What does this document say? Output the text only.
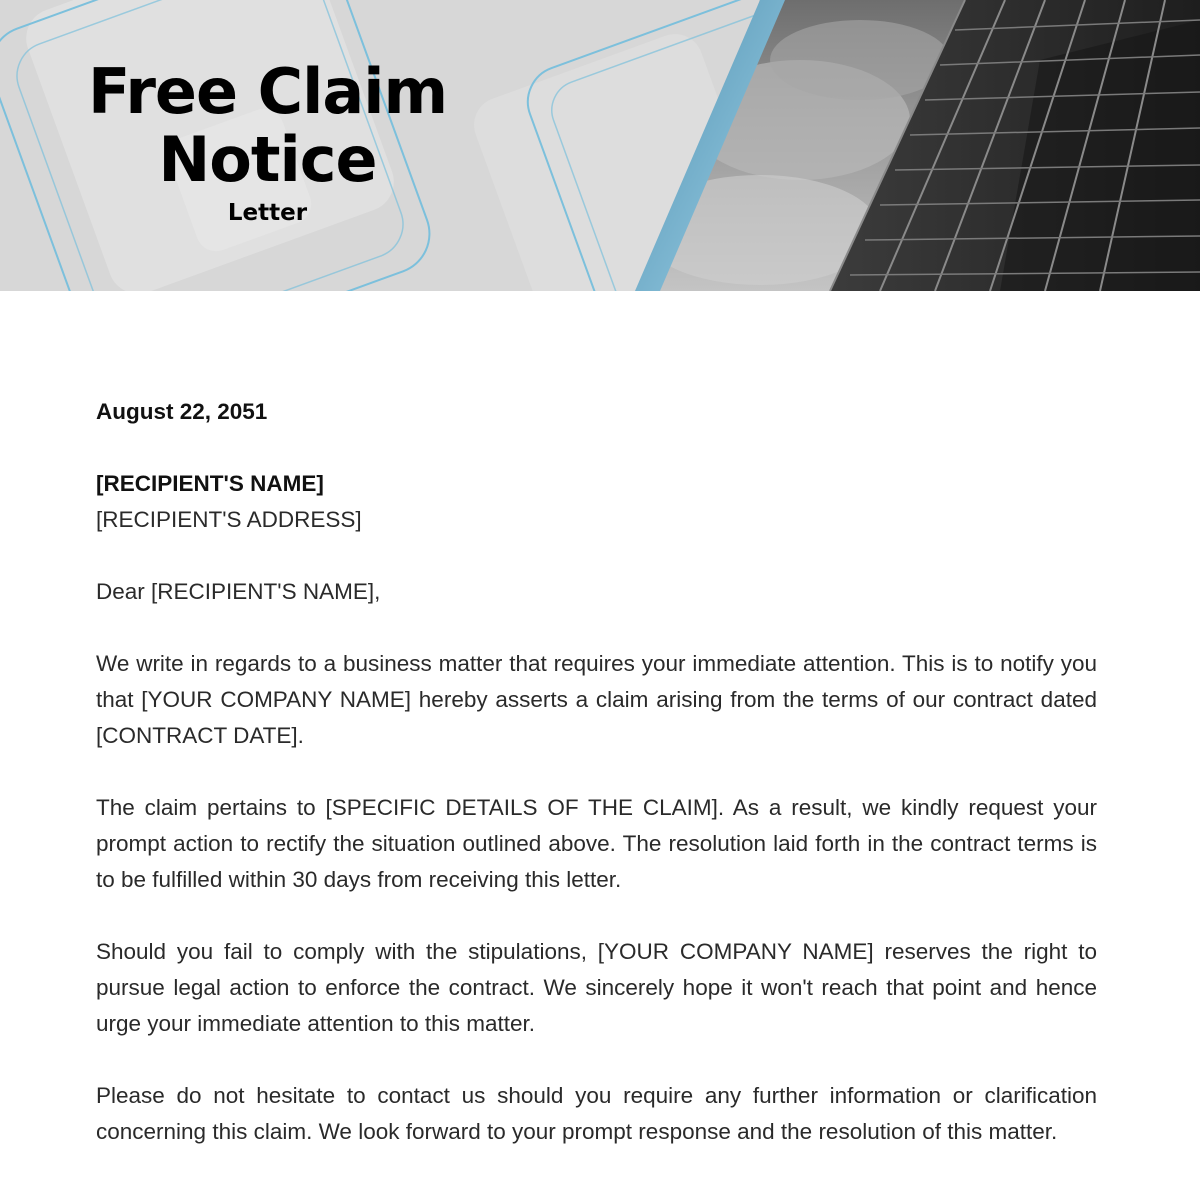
Free Claim
Notice
Letter

August 22, 2051

[RECIPIENT'S NAME]

[RECIPIENT'S ADDRESS]

Dear [RECIPIENT'S NAME],

We write in regards to a business matter that requires your immediate attention. This is to notify you that [YOUR COMPANY NAME] hereby asserts a claim arising from the terms of our contract dated [CONTRACT DATE].

The claim pertains to [SPECIFIC DETAILS OF THE CLAIM]. As a result, we kindly request your prompt action to rectify the situation outlined above. The resolution laid forth in the contract terms is to be fulfilled within 30 days from receiving this letter.

Should you fail to comply with the stipulations, [YOUR COMPANY NAME] reserves the right to pursue legal action to enforce the contract. We sincerely hope it won't reach that point and hence urge your immediate attention to this matter.

Please do not hesitate to contact us should you require any further information or clarification concerning this claim. We look forward to your prompt response and the resolution of this matter.
